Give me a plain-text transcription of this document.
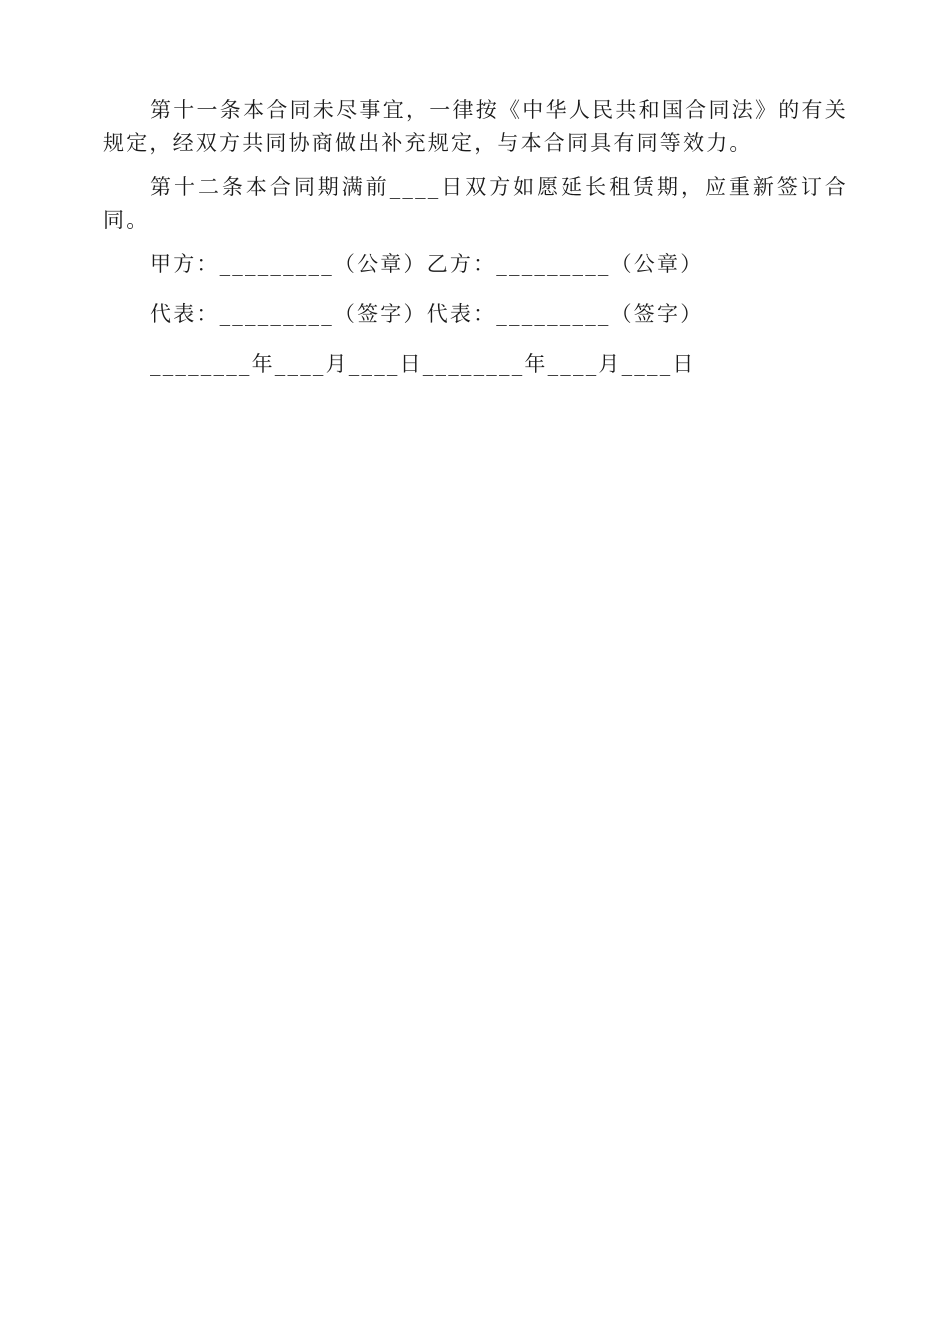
第十一条本合同未尽事宜，一律按《中华人民共和国合同法》的有关规定，经双方共同协商做出补充规定，与本合同具有同等效力。

第十二条本合同期满前____日双方如愿延长租赁期，应重新签订合同。

甲方：_________（公章）乙方：_________（公章）

代表：_________（签字）代表：_________（签字）

________年____月____日________年____月____日
